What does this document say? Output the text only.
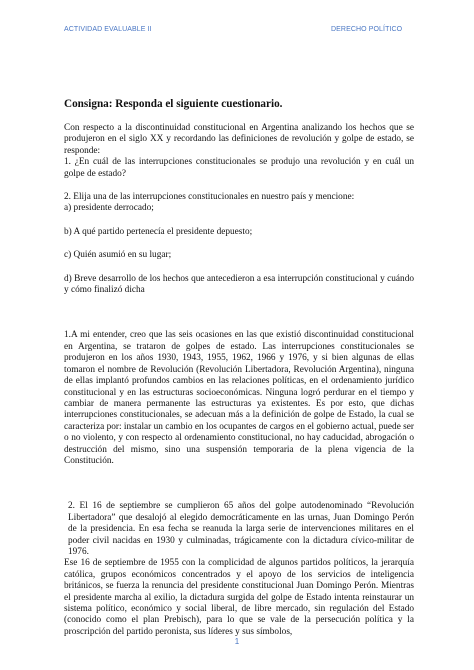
ACTIVIDAD EVALUABLE II	DERECHO POLÍTICO

Consigna: Responda el siguiente cuestionario.

Con respecto a la discontinuidad constitucional en Argentina analizando los hechos que se produjeron en el siglo XX y recordando las definiciones de revolución y golpe de estado, se responde:

1. ¿En cuál de las interrupciones constitucionales se produjo una revolución y en cuál un golpe de estado?

2. Elija una de las interrupciones constitucionales en nuestro país y mencione:

a) presidente derrocado;

b) A qué partido pertenecía el presidente depuesto;

c) Quién asumió en su lugar;

d) Breve desarrollo de los hechos que antecedieron a esa interrupción constitucional y cuándo y cómo finalizó dicha

1.A mi entender, creo que las seis ocasiones en las que existió discontinuidad constitucional en Argentina, se trataron de golpes de estado. Las interrupciones constitucionales se produjeron en los años 1930, 1943, 1955, 1962, 1966 y 1976, y si bien algunas de ellas tomaron el nombre de Revolución (Revolución Libertadora, Revolución Argentina), ninguna de ellas implantó profundos cambios en las relaciones políticas, en el ordenamiento jurídico constitucional y en las estructuras socioeconómicas. Ninguna logró perdurar en el tiempo y cambiar de manera permanente las estructuras ya existentes. Es por esto, que dichas interrupciones constitucionales, se adecuan más a la definición de golpe de Estado, la cual se caracteriza por: instalar un cambio en los ocupantes de cargos en el gobierno actual, puede ser o no violento, y con respecto al ordenamiento constitucional, no hay caducidad, abrogación o destrucción del mismo, sino una suspensión temporaria de la plena vigencia de la Constitución.

2. El 16 de septiembre se cumplieron 65 años del golpe autodenominado “Revolución Libertadora” que desalojó al elegido democráticamente en las urnas, Juan Domingo Perón de la presidencia. En esa fecha se reanuda la larga serie de intervenciones militares en el poder civil nacidas en 1930 y culminadas, trágicamente con la dictadura cívico-militar de 1976.

Ese 16 de septiembre de 1955 con la complicidad de algunos partidos políticos, la jerarquía católica, grupos económicos concentrados y el apoyo de los servicios de inteligencia británicos, se fuerza la renuncia del presidente constitucional Juan Domingo Perón. Mientras el presidente marcha al exilio, la dictadura surgida del golpe de Estado intenta reinstaurar un sistema político, económico y social liberal, de libre mercado, sin regulación del Estado (conocido como el plan Prebisch), para lo que se vale de la persecución política y la proscripción del partido peronista, sus líderes y sus símbolos,

1
